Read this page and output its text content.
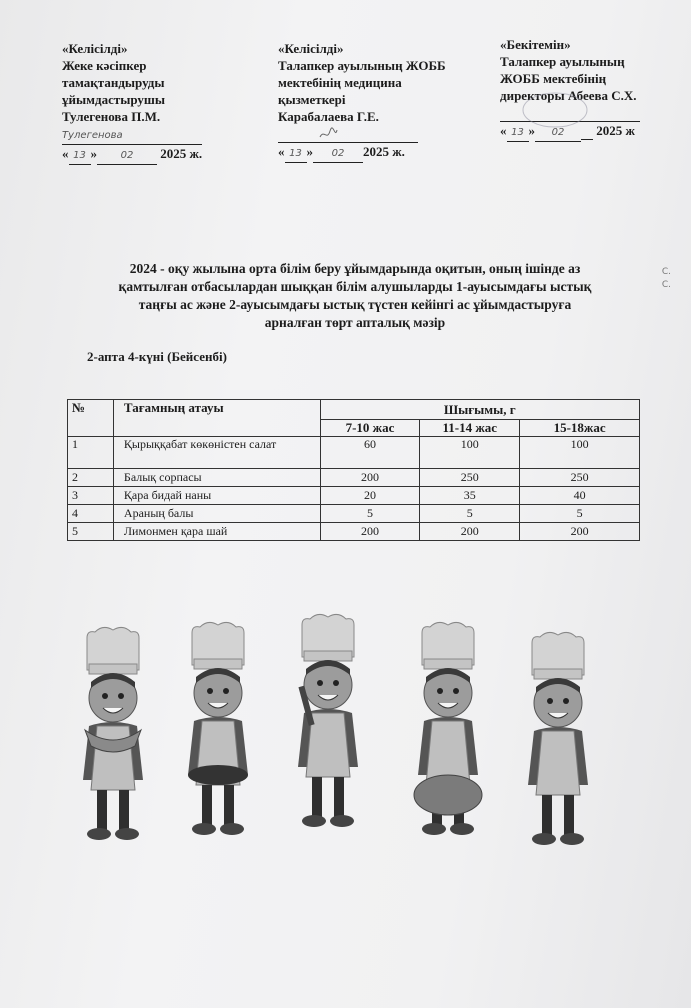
«Келісілді»
Жеке кәсіпкер
тамақтандыруды
ұйымдастырушы
Тулегенова П.М.
Тулегенова
« 13 » 02 2025 ж.
«Келісілді»
Талапкер ауылының ЖОББ
мектебінің медицина
қызметкері
Карабалаева Г.Е.

« 13 » 02 2025 ж.
«Бекітемін»
Талапкер ауылының
ЖОББ мектебінің
директоры Абеева С.Х.

« 13 » 02 2025 ж
2024 - оқу жылына орта білім беру ұйымдарында оқитын, оның ішінде аз
қамтылған отбасылардан шыққан білім алушыларды 1-ауысымдағы ыстық
таңғы ас және 2-ауысымдағы ыстық түстен кейінгі ас ұйымдастыруға
арналған төрт апталық мәзір
С.
С.
2-апта 4-күні (Бейсенбі)
№	Тағамның атауы	Шығымы, г		
		7-10 жас	11-14 жас	15-18жас
1	Қырыққабат көкөністен салат	60	100	100
2	Балық сорпасы	200	250	250
3	Қара бидай наны	20	35	40
4	Араның балы	5	5	5
5	Лимонмен қара шай	200	200	200
